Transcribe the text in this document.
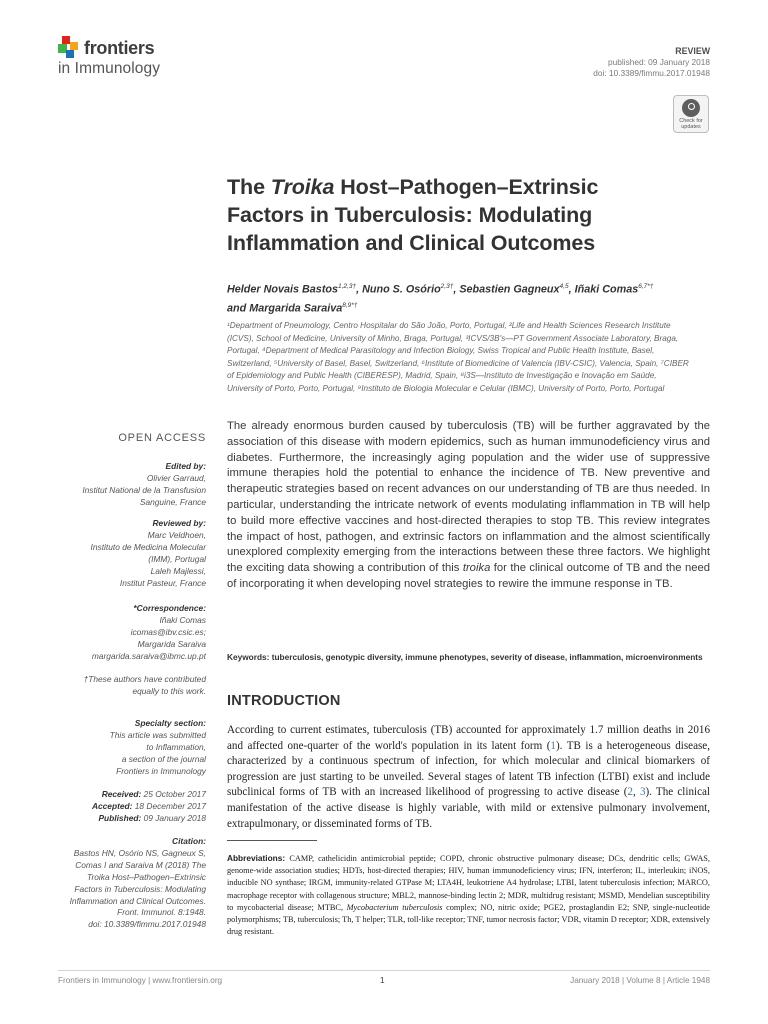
frontiers
in Immunology
REVIEW
published: 09 January 2018
doi: 10.3389/fimmu.2017.01948
Check for
updates
The Troika Host–Pathogen–Extrinsic
Factors in Tuberculosis: Modulating
Inflammation and Clinical Outcomes
Helder Novais Bastos$^{1,2,3\dagger}$, Nuno S. Osório$^{2,3\dagger}$, Sebastien Gagneux$^{4,5}$, Iñaki Comas$^{6,7*\dagger}$
and Margarida Saraiva$^{8,9*\dagger}$
¹Department of Pneumology, Centro Hospitalar do São João, Porto, Portugal, ²Life and Health Sciences Research Institute
(ICVS), School of Medicine, University of Minho, Braga, Portugal, ³ICVS/3B's—PT Government Associate Laboratory, Braga,
Portugal, ⁴Department of Medical Parasitology and Infection Biology, Swiss Tropical and Public Health Institute, Basel,
Switzerland, ⁵University of Basel, Basel, Switzerland, ⁶Institute of Biomedicine of Valencia (IBV-CSIC), Valencia, Spain, ⁷CIBER
of Epidemiology and Public Health (CIBERESP), Madrid, Spain, ⁸i3S—Instituto de Investigação e Inovação em Saúde,
University of Porto, Porto, Portugal, ⁹Instituto de Biologia Molecular e Celular (IBMC), University of Porto, Porto, Portugal
OPEN ACCESS
Edited by:
Olivier Garraud,
Institut National de la Transfusion
Sanguine, France
Reviewed by:
Marc Veldhoen,
Instituto de Medicina Molecular
(IMM), Portugal
Laleh Majlessi,
Institut Pasteur, France
*Correspondence:
Iñaki Comas
icomas@ibv.csic.es;
Margarida Saraiva
margarida.saraiva@ibmc.up.pt
†These authors have contributed
equally to this work.
Specialty section:
This article was submitted
to Inflammation,
a section of the journal
Frontiers in Immunology
Received: 25 October 2017
Accepted: 18 December 2017
Published: 09 January 2018
Citation:
Bastos HN, Osório NS, Gagneux S,
Comas I and Saraiva M (2018) The
Troika Host–Pathogen–Extrinsic
Factors in Tuberculosis: Modulating
Inflammation and Clinical Outcomes.
Front. Immunol. 8:1948.
doi: 10.3389/fimmu.2017.01948
The already enormous burden caused by tuberculosis (TB) will be further aggravated by the association of this disease with modern epidemics, such as human immunodeficiency virus and diabetes. Furthermore, the increasingly aging population and the wider use of suppressive immune therapies hold the potential to enhance the incidence of TB. New preventive and therapeutic strategies based on recent advances on our understanding of TB are thus needed. In particular, understanding the intricate network of events modulating inflammation in TB will help to build more effective vaccines and host-directed therapies to stop TB. This review integrates the impact of host, pathogen, and extrinsic factors on inflammation and the almost scientifically unexplored complexity emerging from the interactions between these three factors. We highlight the exciting data showing a contribution of this troika for the clinical outcome of TB and the need of incorporating it when developing novel strategies to rewire the immune response in TB.
Keywords: tuberculosis, genotypic diversity, immune phenotypes, severity of disease, inflammation, microenvironments
INTRODUCTION
According to current estimates, tuberculosis (TB) accounted for approximately 1.7 million deaths in 2016 and affected one-quarter of the world's population in its latent form (1). TB is a heterogeneous disease, characterized by a continuous spectrum of infection, for which molecular and clinical biomarkers of progression are just starting to be unveiled. Several stages of latent TB infection (LTBI) exist and include subclinical forms of TB with an increased likelihood of progressing to active disease (2, 3). The clinical manifestation of the active disease is highly variable, with mild or extensive pulmonary involvement, extrapulmonary, or disseminated forms of TB.
Abbreviations: CAMP, cathelicidin antimicrobial peptide; COPD, chronic obstructive pulmonary disease; DCs, dendritic cells; GWAS, genome-wide association studies; HDTs, host-directed therapies; HIV, human immunodeficiency virus; IFN, interferon; IL, interleukin; iNOS, inducible NO synthase; IRGM, immunity-related GTPase M; LTA4H, leukotriene A4 hydrolase; LTBI, latent tuberculosis infection; MARCO, macrophage receptor with collagenous structure; MBL2, mannose-binding lectin 2; MDR, multidrug resistant; MSMD, Mendelian susceptibility to mycobacterial disease; MTBC, Mycobacterium tuberculosis complex; NO, nitric oxide; PGE2, prostaglandin E2; SNP, single-nucleotide polymorphisms; TB, tuberculosis; Th, T helper; TLR, toll-like receptor; TNF, tumor necrosis factor; VDR, vitamin D receptor; XDR, extensively drug resistant.
Frontiers in Immunology | www.frontiersin.org	1	January 2018 | Volume 8 | Article 1948
